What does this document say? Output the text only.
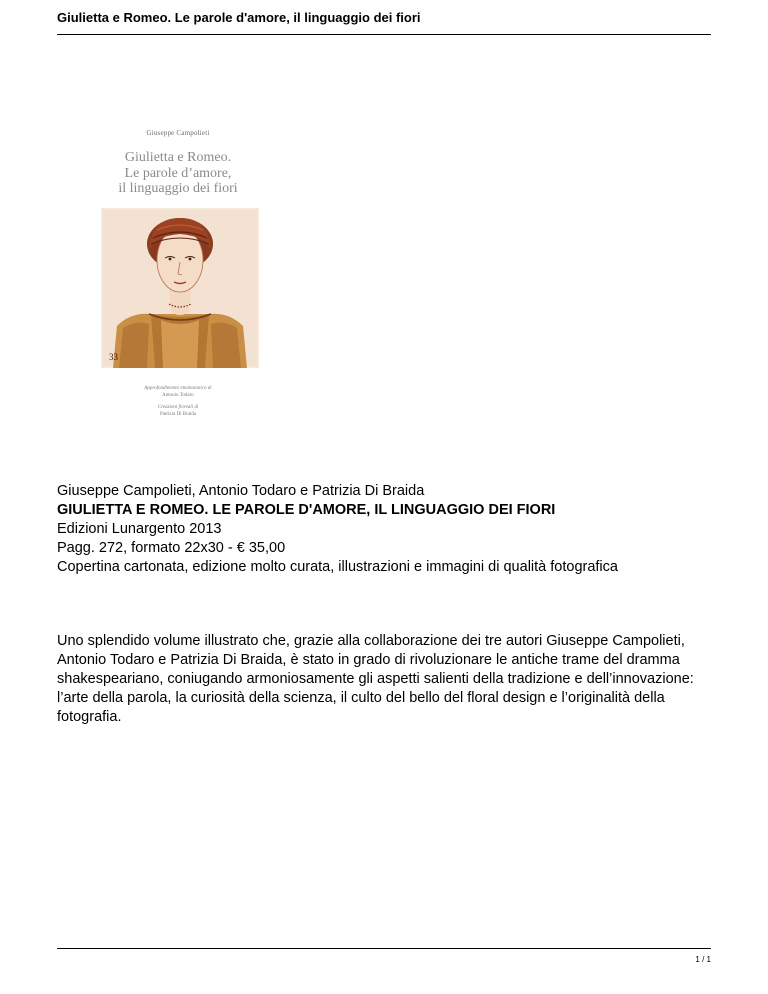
Giulietta e Romeo. Le parole d'amore, il linguaggio dei fiori
Giuseppe Campolieti
Giulietta e Romeo.
Le parole d’amore,
il linguaggio dei fiori
33
Approfondimento etnobotanico di
Antonio Todaro
Creazioni floreali di
Patrizia Di Braida
Giuseppe Campolieti, Antonio Todaro e Patrizia Di Braida
GIULIETTA E ROMEO. LE PAROLE D'AMORE, IL LINGUAGGIO DEI FIORI
Edizioni Lunargento 2013
Pagg. 272, formato 22x30 - € 35,00
Copertina cartonata, edizione molto curata, illustrazioni e immagini di qualità fotografica
Uno splendido volume illustrato che, grazie alla collaborazione dei tre autori Giuseppe Campolieti, Antonio Todaro e Patrizia Di Braida, è stato in grado di rivoluzionare le antiche trame del dramma shakespeariano, coniugando armoniosamente gli aspetti salienti della tradizione e dell’innovazione: l’arte della parola, la curiosità della scienza, il culto del bello del floral design e l’originalità della fotografia.
1 / 1
